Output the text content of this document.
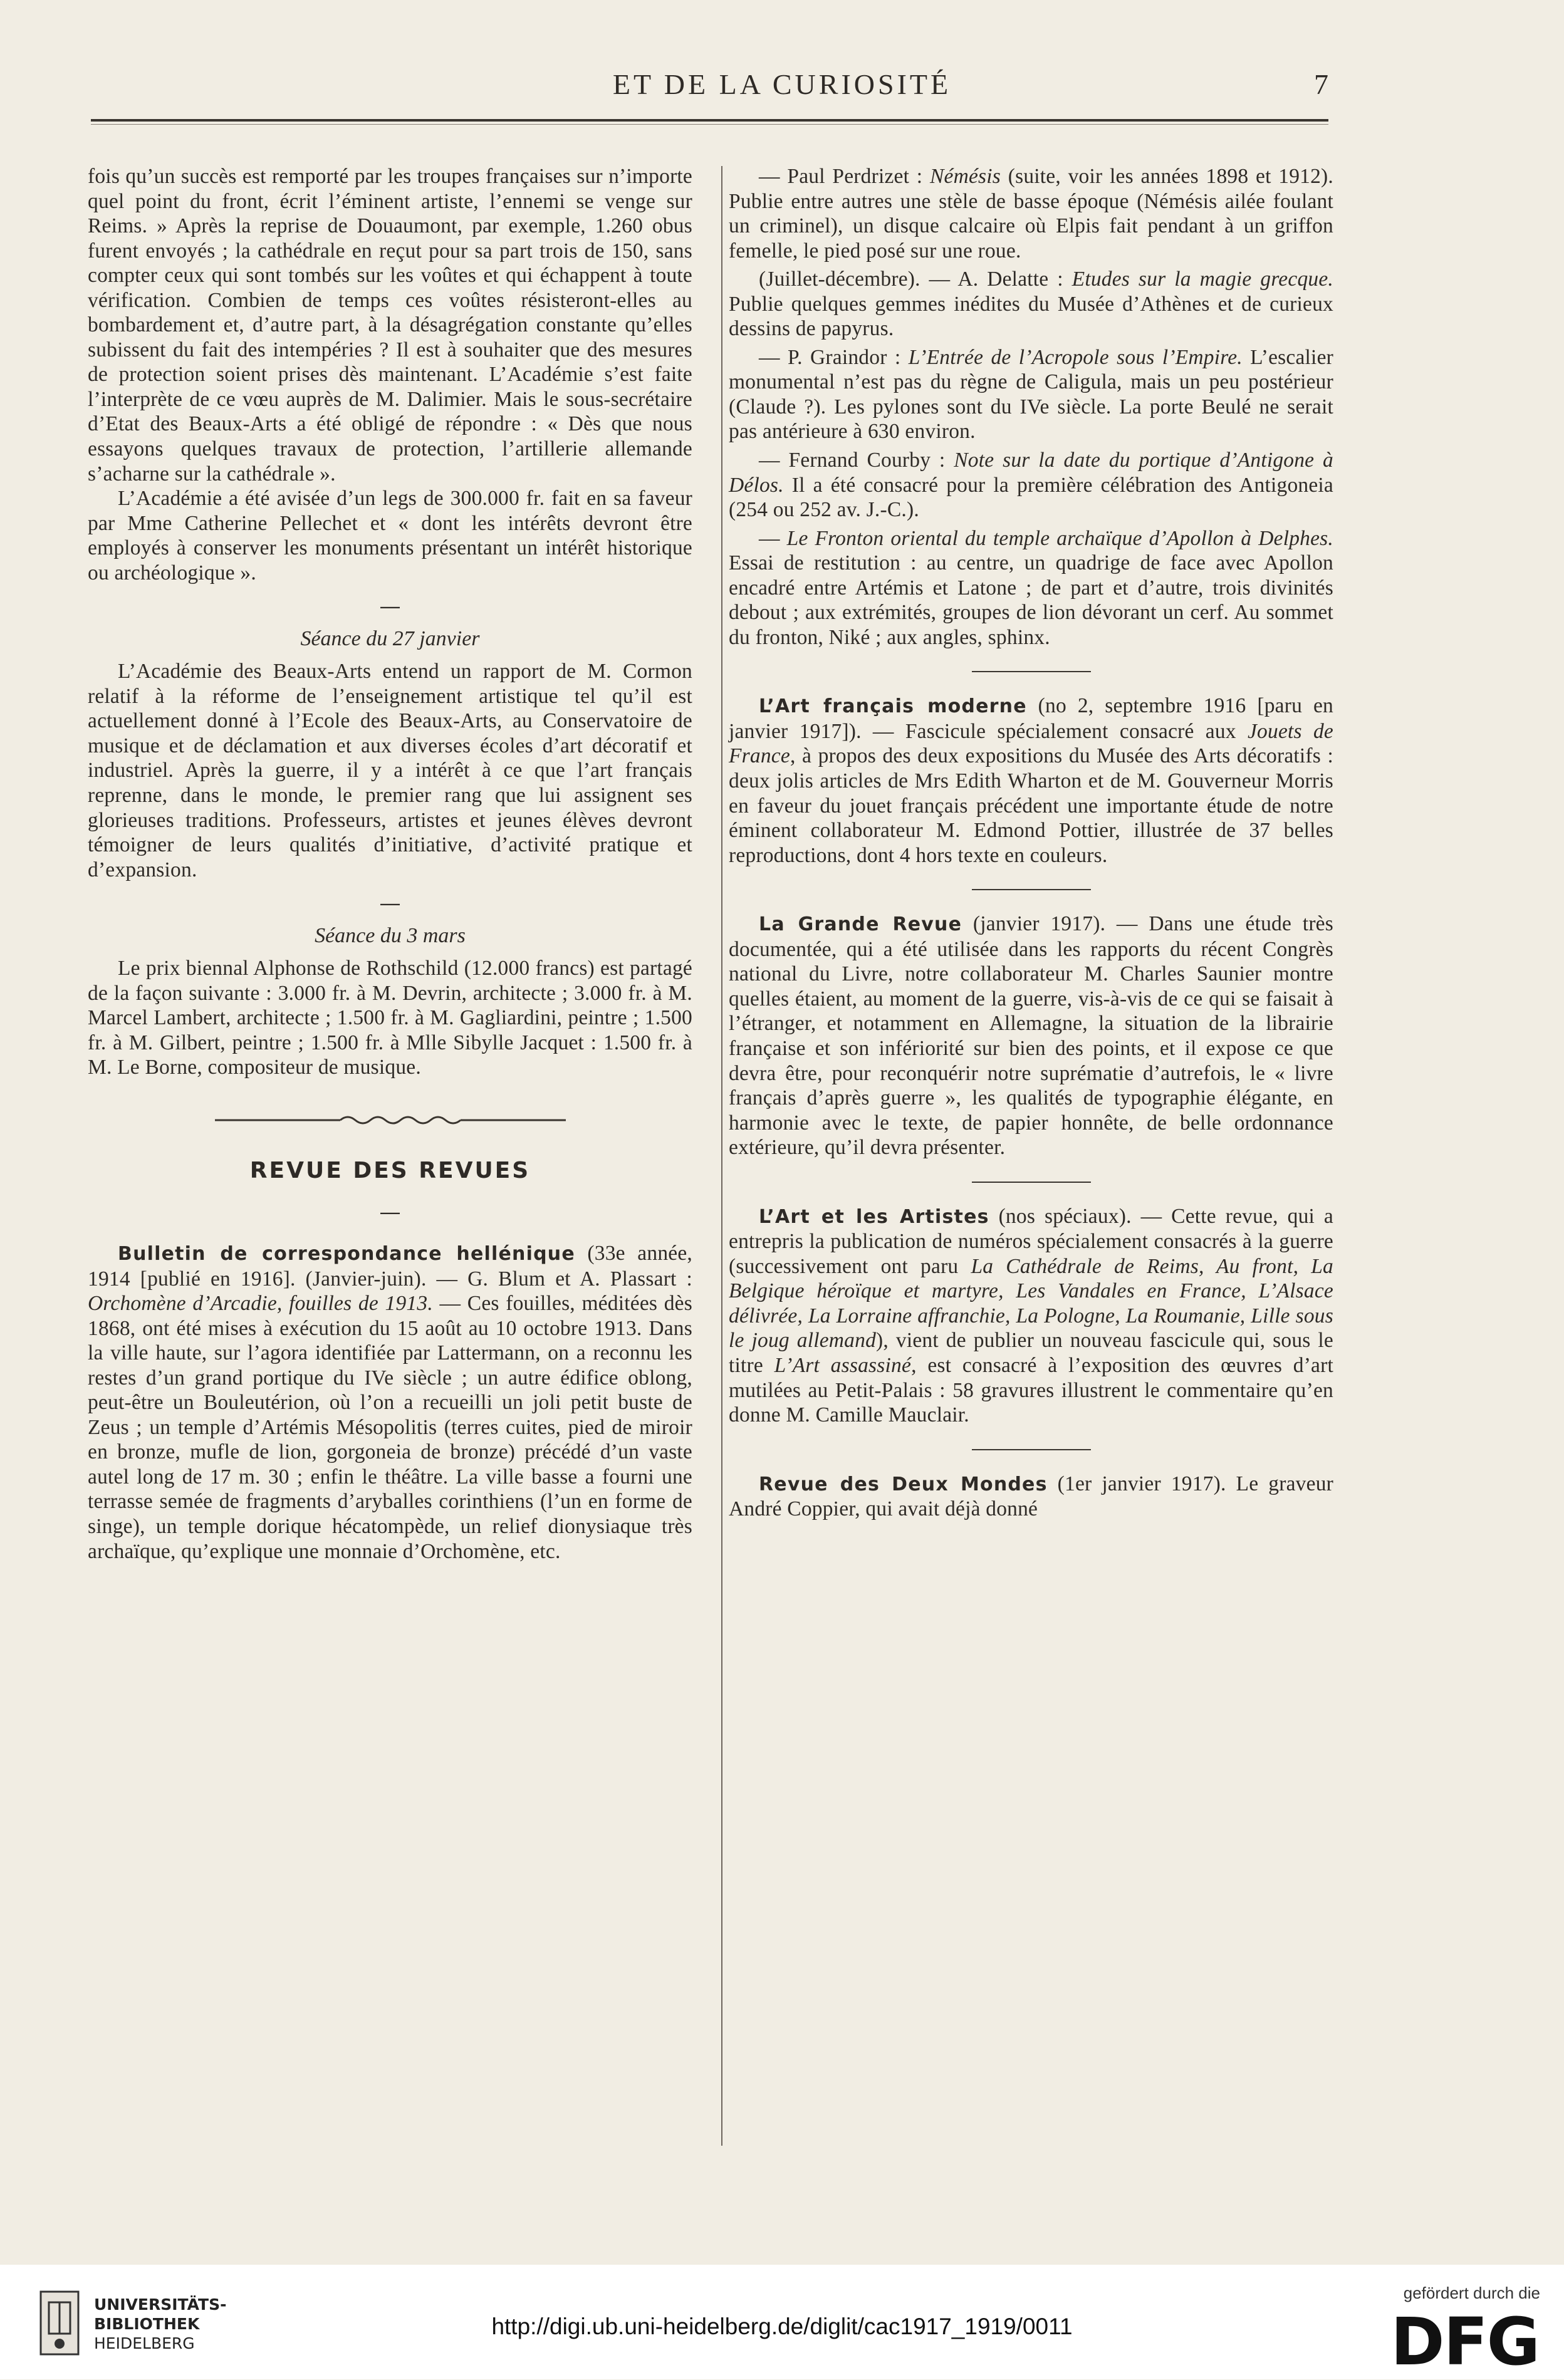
ET DE LA CURIOSITÉ	7

fois qu’un succès est remporté par les troupes françaises sur n’importe quel point du front, écrit l’éminent artiste, l’ennemi se venge sur Reims. » Après la reprise de Douaumont, par exemple, 1.260 obus furent envoyés ; la cathédrale en reçut pour sa part trois de 150, sans compter ceux qui sont tombés sur les voûtes et qui échappent à toute vérification. Combien de temps ces voûtes résisteront-elles au bombardement et, d’autre part, à la désagrégation constante qu’elles subissent du fait des intempéries ? Il est à souhaiter que des mesures de protection soient prises dès maintenant. L’Académie s’est faite l’interprète de ce vœu auprès de M. Dalimier. Mais le sous-secrétaire d’Etat des Beaux-Arts a été obligé de répondre : « Dès que nous essayons quelques travaux de protection, l’artillerie allemande s’acharne sur la cathédrale ».

L’Académie a été avisée d’un legs de 300.000 fr. fait en sa faveur par Mme Catherine Pellechet et « dont les intérêts devront être employés à conserver les monuments présentant un intérêt historique ou archéologique ».

—
Séance du 27 janvier

L’Académie des Beaux-Arts entend un rapport de M. Cormon relatif à la réforme de l’enseignement artistique tel qu’il est actuellement donné à l’Ecole des Beaux-Arts, au Conservatoire de musique et de déclamation et aux diverses écoles d’art décoratif et industriel. Après la guerre, il y a intérêt à ce que l’art français reprenne, dans le monde, le premier rang que lui assignent ses glorieuses traditions. Professeurs, artistes et jeunes élèves devront témoigner de leurs qualités d’initiative, d’activité pratique et d’expansion.

—
Séance du 3 mars

Le prix biennal Alphonse de Rothschild (12.000 francs) est partagé de la façon suivante : 3.000 fr. à M. Devrin, architecte ; 3.000 fr. à M. Marcel Lambert, architecte ; 1.500 fr. à M. Gagliardini, peintre ; 1.500 fr. à M. Gilbert, peintre ; 1.500 fr. à Mlle Sibylle Jacquet : 1.500 fr. à M. Le Borne, compositeur de musique.

REVUE DES REVUES
—

Bulletin de correspondance hellénique (33e année, 1914 [publié en 1916]. (Janvier-juin). — G. Blum et A. Plassart : Orchomène d’Arcadie, fouilles de 1913. — Ces fouilles, méditées dès 1868, ont été mises à exécution du 15 août au 10 octobre 1913. Dans la ville haute, sur l’agora identifiée par Lattermann, on a reconnu les restes d’un grand portique du IVe siècle ; un autre édifice oblong, peut-être un Bouleutérion, où l’on a recueilli un joli petit buste de Zeus ; un temple d’Artémis Mésopolitis (terres cuites, pied de miroir en bronze, mufle de lion, gorgoneia de bronze) précédé d’un vaste autel long de 17 m. 30 ; enfin le théâtre. La ville basse a fourni une terrasse semée de fragments d’aryballes corinthiens (l’un en forme de singe), un temple dorique hécatompède, un relief dionysiaque très archaïque, qu’explique une monnaie d’Orchomène, etc.

— Paul Perdrizet : Némésis (suite, voir les années 1898 et 1912). Publie entre autres une stèle de basse époque (Némésis ailée foulant un criminel), un disque calcaire où Elpis fait pendant à un griffon femelle, le pied posé sur une roue.

(Juillet-décembre). — A. Delatte : Etudes sur la magie grecque. Publie quelques gemmes inédites du Musée d’Athènes et de curieux dessins de papyrus.

— P. Graindor : L’Entrée de l’Acropole sous l’Empire. L’escalier monumental n’est pas du règne de Caligula, mais un peu postérieur (Claude ?). Les pylones sont du IVe siècle. La porte Beulé ne serait pas antérieure à 630 environ.

— Fernand Courby : Note sur la date du portique d’Antigone à Délos. Il a été consacré pour la première célébration des Antigoneia (254 ou 252 av. J.-C.).

— Le Fronton oriental du temple archaïque d’Apollon à Delphes. Essai de restitution : au centre, un quadrige de face avec Apollon encadré entre Artémis et Latone ; de part et d’autre, trois divinités debout ; aux extrémités, groupes de lion dévorant un cerf. Au sommet du fronton, Niké ; aux angles, sphinx.

L’Art français moderne (no 2, septembre 1916 [paru en janvier 1917]). — Fascicule spécialement consacré aux Jouets de France, à propos des deux expositions du Musée des Arts décoratifs : deux jolis articles de Mrs Edith Wharton et de M. Gouverneur Morris en faveur du jouet français précédent une importante étude de notre éminent collaborateur M. Edmond Pottier, illustrée de 37 belles reproductions, dont 4 hors texte en couleurs.

La Grande Revue (janvier 1917). — Dans une étude très documentée, qui a été utilisée dans les rapports du récent Congrès national du Livre, notre collaborateur M. Charles Saunier montre quelles étaient, au moment de la guerre, vis-à-vis de ce qui se faisait à l’étranger, et notamment en Allemagne, la situation de la librairie française et son infériorité sur bien des points, et il expose ce que devra être, pour reconquérir notre suprématie d’autrefois, le « livre français d’après guerre », les qualités de typographie élégante, en harmonie avec le texte, de papier honnête, de belle ordonnance extérieure, qu’il devra présenter.

L’Art et les Artistes (nos spéciaux). — Cette revue, qui a entrepris la publication de numéros spécialement consacrés à la guerre (successivement ont paru La Cathédrale de Reims, Au front, La Belgique héroïque et martyre, Les Vandales en France, L’Alsace délivrée, La Lorraine affranchie, La Pologne, La Roumanie, Lille sous le joug allemand), vient de publier un nouveau fascicule qui, sous le titre L’Art assassiné, est consacré à l’exposition des œuvres d’art mutilées au Petit-Palais : 58 gravures illustrent le commentaire qu’en donne M. Camille Mauclair.

Revue des Deux Mondes (1er janvier 1917). Le graveur André Coppier, qui avait déjà donné

UNIVERSITÄTS-
BIBLIOTHEK
HEIDELBERG
http://digi.ub.uni-heidelberg.de/diglit/cac1917_1919/0011
gefördert durch die
DFG
